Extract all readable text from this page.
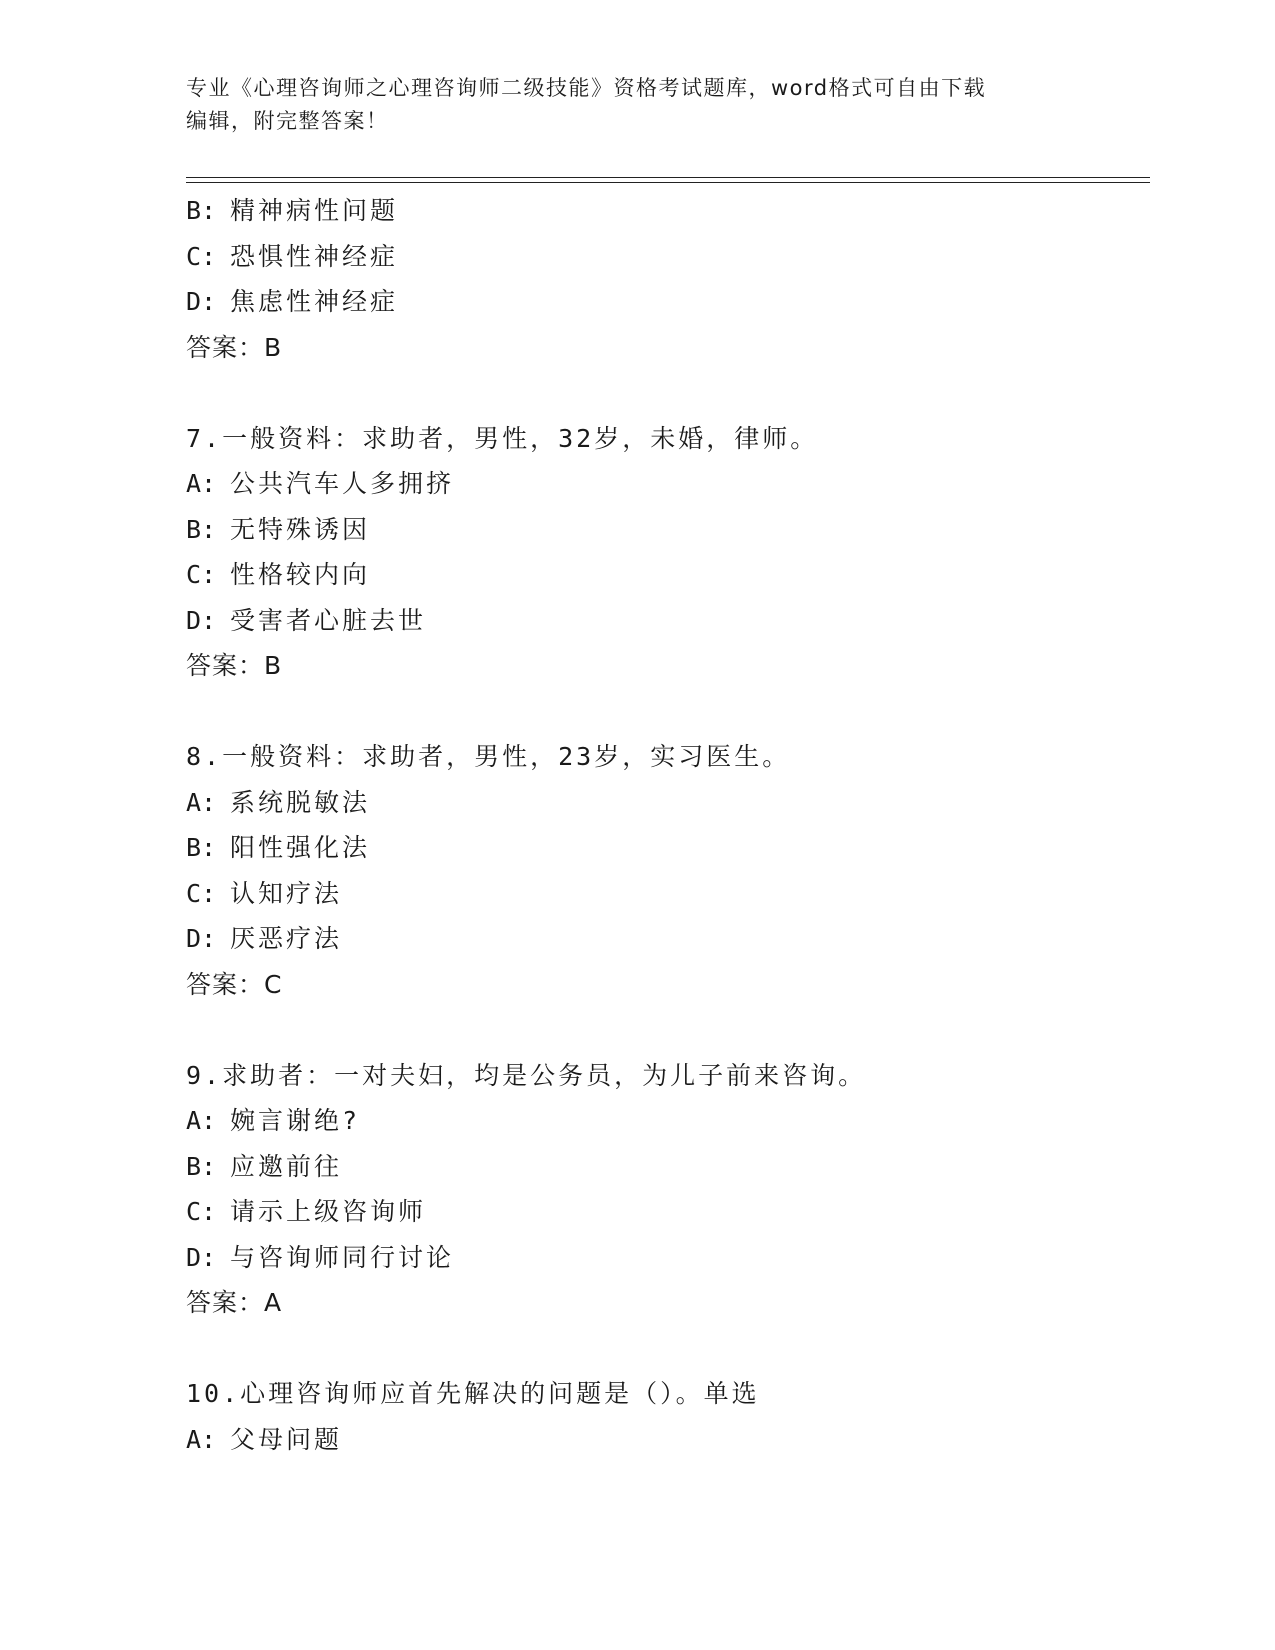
专业《心理咨询师之心理咨询师二级技能》资格考试题库，word格式可自由下载
编辑，附完整答案！
B: 精神病性问题
C: 恐惧性神经症
D: 焦虑性神经症
答案：B
7.一般资料：求助者，男性，32岁，未婚，律师。
A: 公共汽车人多拥挤
B: 无特殊诱因
C: 性格较内向
D: 受害者心脏去世
答案：B
8.一般资料：求助者，男性，23岁，实习医生。
A: 系统脱敏法
B: 阳性强化法
C: 认知疗法
D: 厌恶疗法
答案：C
9.求助者：一对夫妇，均是公务员，为儿子前来咨询。
A: 婉言谢绝?
B: 应邀前往
C: 请示上级咨询师
D: 与咨询师同行讨论
答案：A
10.心理咨询师应首先解决的问题是（）。单选
A: 父母问题
